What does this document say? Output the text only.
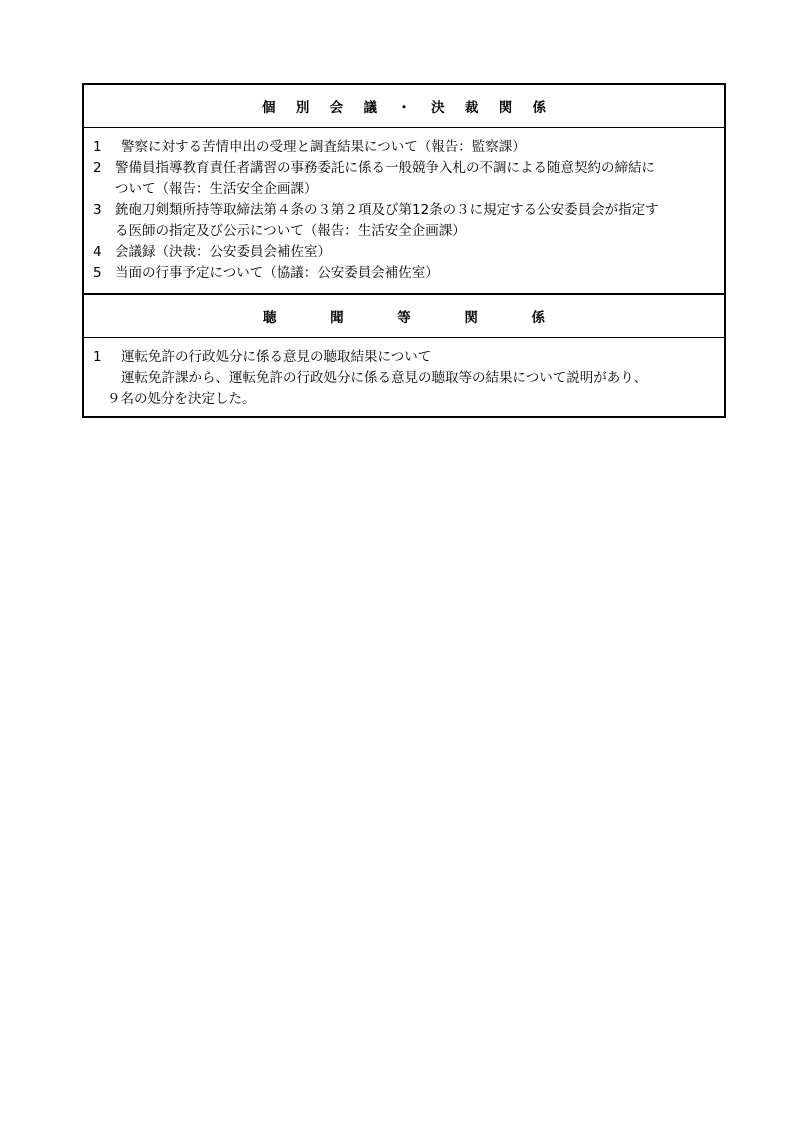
個 別 会 議 ・ 決 裁 関 係
1 警察に対する苦情申出の受理と調査結果について（報告：監察課）
2 警備員指導教育責任者講習の事務委託に係る一般競争入札の不調による随意契約の締結に
ついて（報告：生活安全企画課）
3 銃砲刀剣類所持等取締法第４条の３第２項及び第12条の３に規定する公安委員会が指定す
る医師の指定及び公示について（報告：生活安全企画課）
4 会議録（決裁：公安委員会補佐室）
5 当面の行事予定について（協議：公安委員会補佐室）
聴	聞	等	関	係
1 運転免許の行政処分に係る意見の聴取結果について
運転免許課から、運転免許の行政処分に係る意見の聴取等の結果について説明があり、
９名の処分を決定した。
